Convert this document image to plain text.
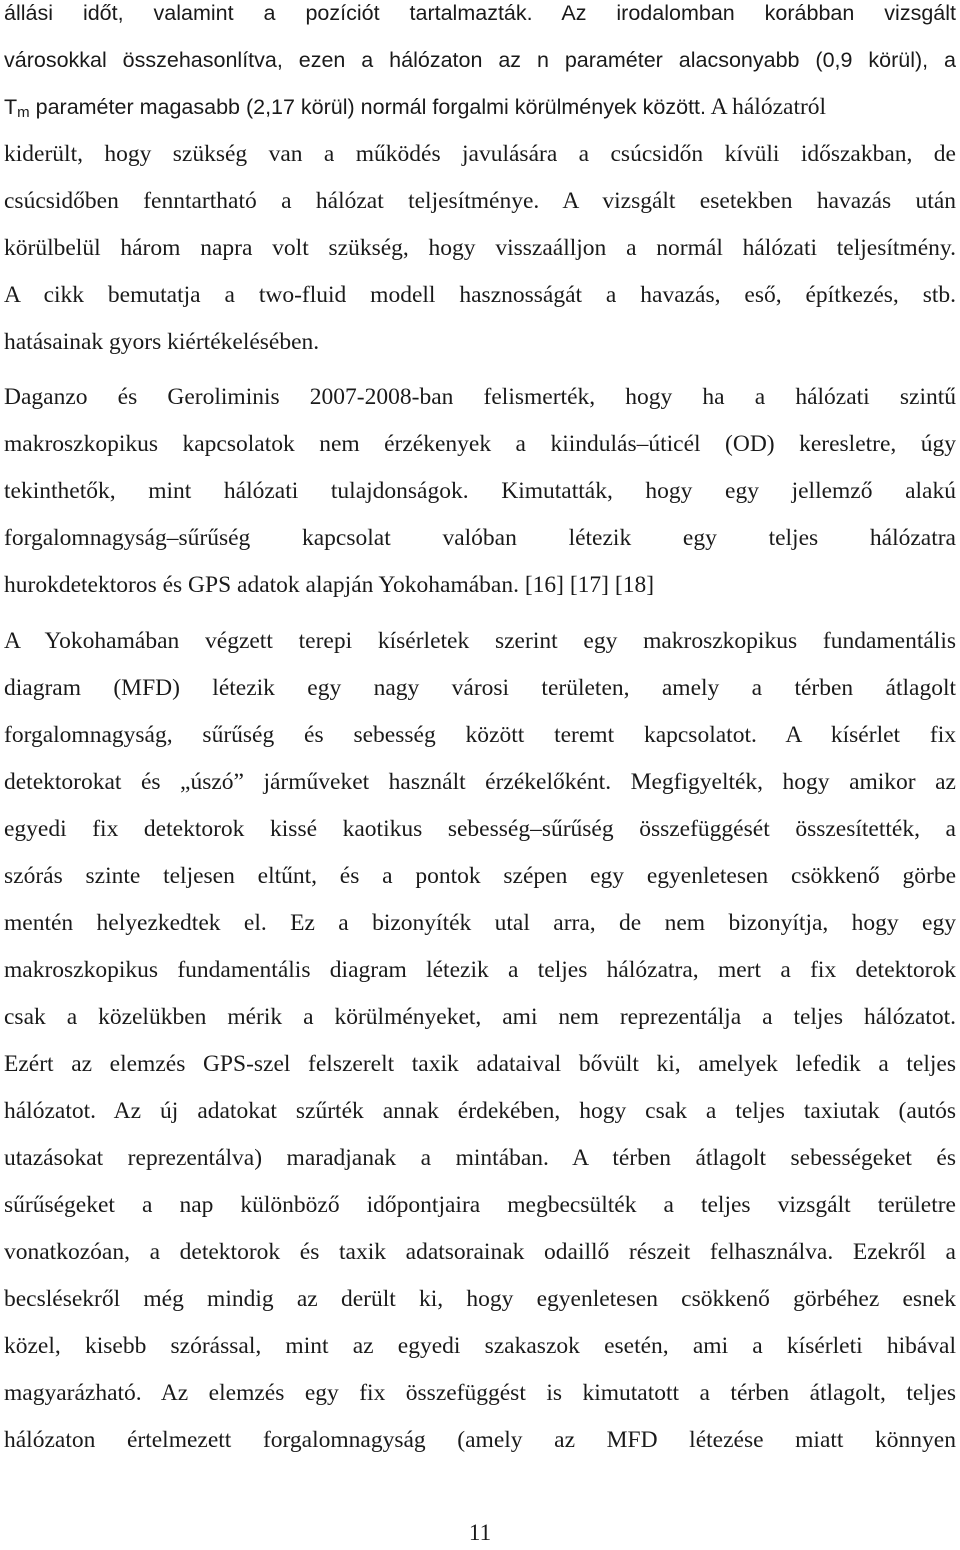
állási időt, valamint a pozíciót tartalmazták. Az irodalomban korábban vizsgált
városokkal összehasonlítva, ezen a hálózaton az n paraméter alacsonyabb (0,9 körül), a
$T_m$ paraméter magasabb (2,17 körül) normál forgalmi körülmények között. A hálózatról
kiderült, hogy szükség van a működés javulására a csúcsidőn kívüli időszakban, de
csúcsidőben fenntartható a hálózat teljesítménye. A vizsgált esetekben havazás után
körülbelül három napra volt szükség, hogy visszaálljon a normál hálózati teljesítmény.
A cikk bemutatja a two-fluid modell hasznosságát a havazás, eső, építkezés, stb.
hatásainak gyors kiértékelésében.
Daganzo és Geroliminis 2007-2008-ban felismerték, hogy ha a hálózati szintű
makroszkopikus kapcsolatok nem érzékenyek a kiindulás–úticél (OD) keresletre, úgy
tekinthetők, mint hálózati tulajdonságok. Kimutatták, hogy egy jellemző alakú
forgalomnagyság–sűrűség kapcsolat valóban létezik egy teljes hálózatra
hurokdetektoros és GPS adatok alapján Yokohamában. [16] [17] [18]
A Yokohamában végzett terepi kísérletek szerint egy makroszkopikus fundamentális
diagram (MFD) létezik egy nagy városi területen, amely a térben átlagolt
forgalomnagyság, sűrűség és sebesség között teremt kapcsolatot. A kísérlet fix
detektorokat és „úszó” járműveket használt érzékelőként. Megfigyelték, hogy amikor az
egyedi fix detektorok kissé kaotikus sebesség–sűrűség összefüggését összesítették, a
szórás szinte teljesen eltűnt, és a pontok szépen egy egyenletesen csökkenő görbe
mentén helyezkedtek el. Ez a bizonyíték utal arra, de nem bizonyítja, hogy egy
makroszkopikus fundamentális diagram létezik a teljes hálózatra, mert a fix detektorok
csak a közelükben mérik a körülményeket, ami nem reprezentálja a teljes hálózatot.
Ezért az elemzés GPS-szel felszerelt taxik adataival bővült ki, amelyek lefedik a teljes
hálózatot. Az új adatokat szűrték annak érdekében, hogy csak a teljes taxiutak (autós
utazásokat reprezentálva) maradjanak a mintában. A térben átlagolt sebességeket és
sűrűségeket a nap különböző időpontjaira megbecsülték a teljes vizsgált területre
vonatkozóan, a detektorok és taxik adatsorainak odaillő részeit felhasználva. Ezekről a
becslésekről még mindig az derült ki, hogy egyenletesen csökkenő görbéhez esnek
közel, kisebb szórással, mint az egyedi szakaszok esetén, ami a kísérleti hibával
magyarázható. Az elemzés egy fix összefüggést is kimutatott a térben átlagolt, teljes
hálózaton értelmezett forgalomnagyság (amely az MFD létezése miatt könnyen
11
